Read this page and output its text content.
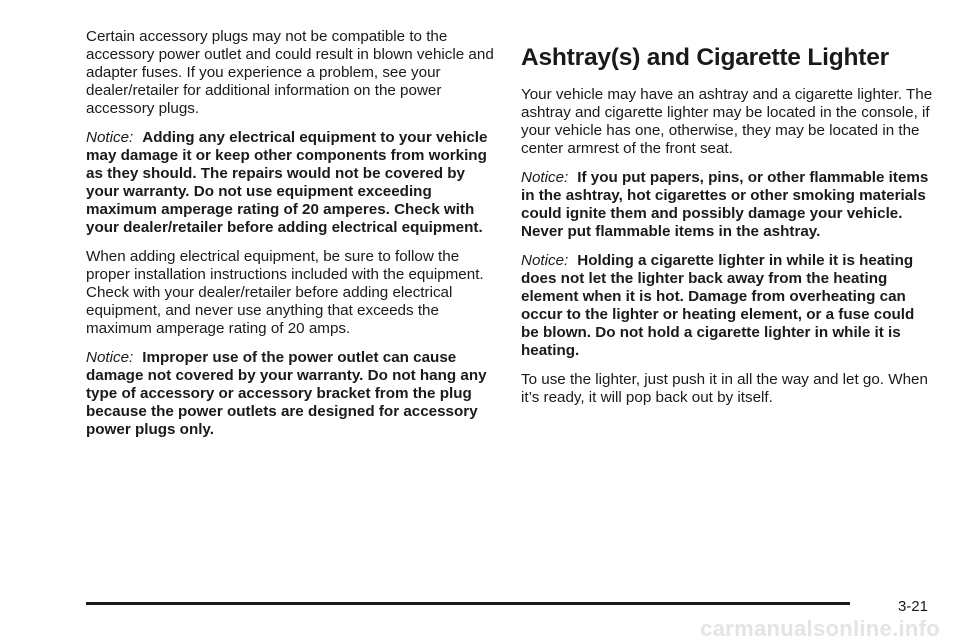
Certain accessory plugs may not be compatible to the accessory power outlet and could result in blown vehicle and adapter fuses. If you experience a problem, see your dealer/retailer for additional information on the power accessory plugs.

Notice: Adding any electrical equipment to your vehicle may damage it or keep other components from working as they should. The repairs would not be covered by your warranty. Do not use equipment exceeding maximum amperage rating of 20 amperes. Check with your dealer/retailer before adding electrical equipment.

When adding electrical equipment, be sure to follow the proper installation instructions included with the equipment. Check with your dealer/retailer before adding electrical equipment, and never use anything that exceeds the maximum amperage rating of 20 amps.

Notice: Improper use of the power outlet can cause damage not covered by your warranty. Do not hang any type of accessory or accessory bracket from the plug because the power outlets are designed for accessory power plugs only.

Ashtray(s) and Cigarette Lighter

Your vehicle may have an ashtray and a cigarette lighter. The ashtray and cigarette lighter may be located in the console, if your vehicle has one, otherwise, they may be located in the center armrest of the front seat.

Notice: If you put papers, pins, or other flammable items in the ashtray, hot cigarettes or other smoking materials could ignite them and possibly damage your vehicle. Never put flammable items in the ashtray.

Notice: Holding a cigarette lighter in while it is heating does not let the lighter back away from the heating element when it is hot. Damage from overheating can occur to the lighter or heating element, or a fuse could be blown. Do not hold a cigarette lighter in while it is heating.

To use the lighter, just push it in all the way and let go. When it’s ready, it will pop back out by itself.

3-21
carmanualsonline.info
